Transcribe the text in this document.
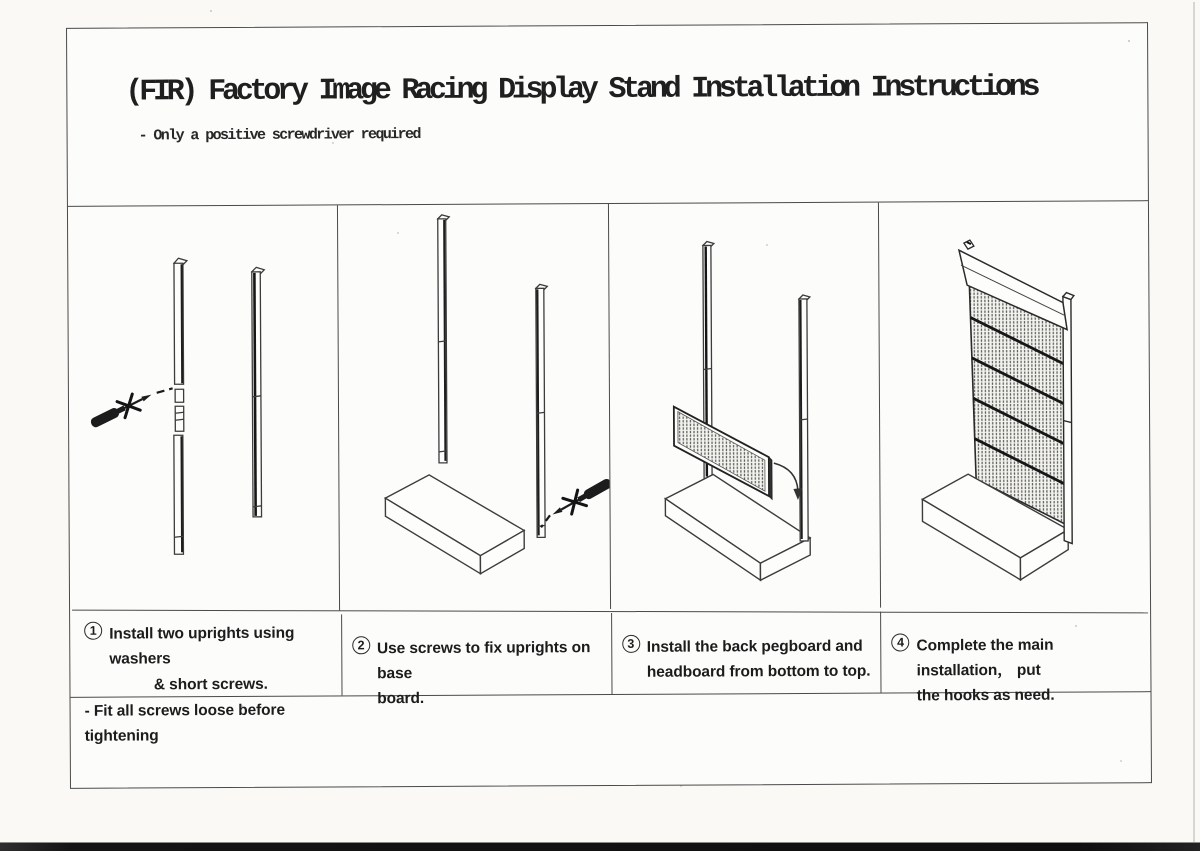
(FIR) Factory Image Racing Display Stand Installation Instructions
- Only a positive screwdriver required
1 Install two uprights using washers
& short screws.
- Fit all screws loose before tightening
2 Use screws to fix uprights on base
board.
3 Install the back pegboard and
headboard from bottom to top.
4 Complete the main installation， put
the hooks as need.
